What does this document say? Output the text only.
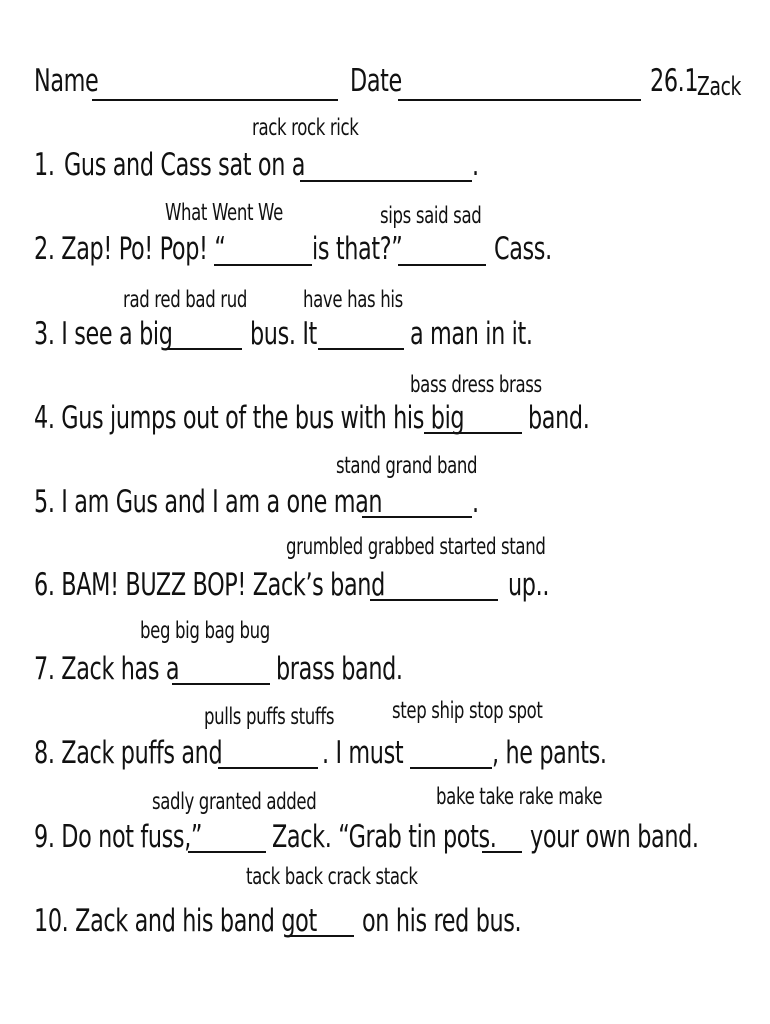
Name	Date	26.1
Zack
rack rock rick
1. Gus and Cass sat on a	.
What Went We	sips said sad
2. Zap! Po! Pop! “	is that?”	Cass.
rad red bad rud have has his
3. I see a big bus. It	a man in it.
bass dress brass
4. Gus jumps out of the bus with his big band.
stand grand band
5. I am Gus and I am a one man	.
grumbled grabbed started stand
6. BAM! BUZZ BOP! Zack’s band	up..
beg big bag bug
7. Zack has a	brass band.
pulls puffs stuffs	step ship stop spot
8. Zack puffs and	. I must	, he pants.
sadly granted added	bake take rake make
9. Do not fuss,” Zack. “Grab tin pots. your own band.
tack back crack stack
10. Zack and his band got on his red bus.
